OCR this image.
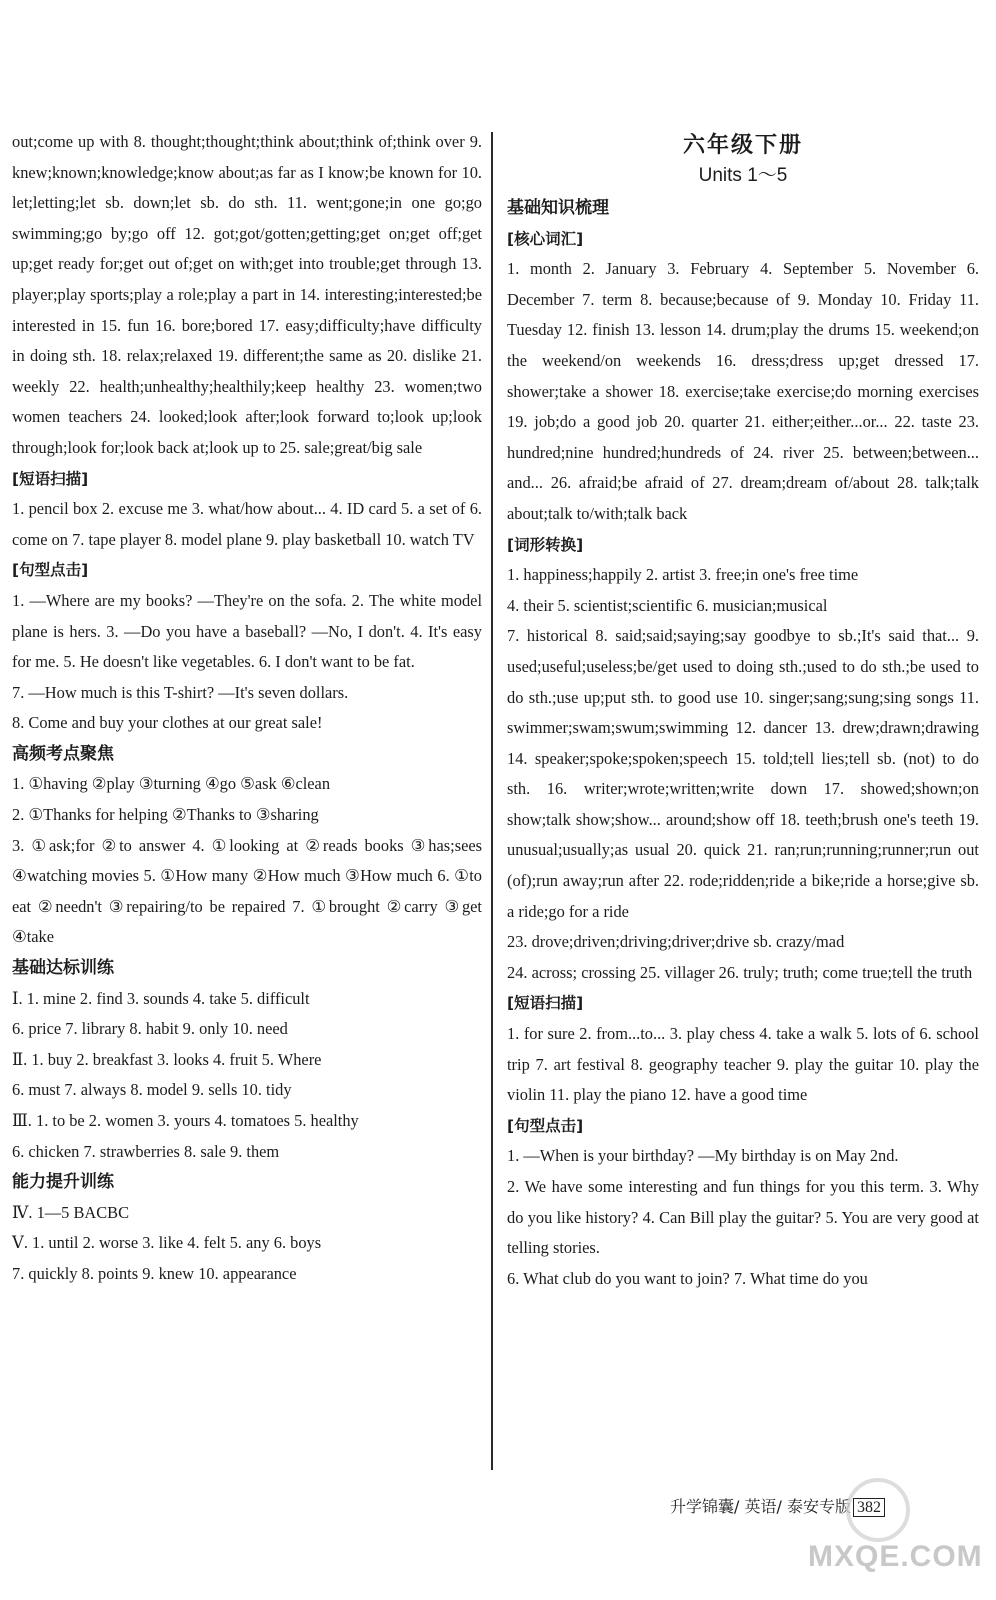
out;come up with 8. thought;thought;think about;think of;think over 9. knew;known;knowledge;know about;as far as I know;be known for 10. let;letting;let sb. down;let sb. do sth. 11. went;gone;in one go;go swimming;go by;go off 12. got;got/gotten;getting;get on;get off;get up;get ready for;get out of;get on with;get into trouble;get through 13. player;play sports;play a role;play a part in 14. interesting;interested;be interested in 15. fun 16. bore;bored 17. easy;difficulty;have difficulty in doing sth. 18. relax;relaxed 19. different;the same as 20. dislike 21. weekly 22. health;unhealthy;healthily;keep healthy 23. women;two women teachers 24. looked;look after;look forward to;look up;look through;look for;look back at;look up to 25. sale;great/big sale

[短语扫描]

1. pencil box 2. excuse me 3. what/how about... 4. ID card 5. a set of 6. come on 7. tape player 8. model plane 9. play basketball 10. watch TV

[句型点击]

1. —Where are my books? —They're on the sofa. 2. The white model plane is hers. 3. —Do you have a baseball? —No, I don't. 4. It's easy for me. 5. He doesn't like vegetables. 6. I don't want to be fat.

7. —How much is this T-shirt? —It's seven dollars.

8. Come and buy your clothes at our great sale!

高频考点聚焦

1. ①having ②play ③turning ④go ⑤ask ⑥clean

2. ①Thanks for helping ②Thanks to ③sharing

3. ①ask;for ②to answer 4. ①looking at ②reads books ③has;sees ④watching movies 5. ①How many ②How much ③How much 6. ①to eat ②needn't ③repairing/to be repaired 7. ①brought ②carry ③get ④take

基础达标训练

Ⅰ. 1. mine 2. find 3. sounds 4. take 5. difficult

6. price 7. library 8. habit 9. only 10. need

Ⅱ. 1. buy 2. breakfast 3. looks 4. fruit 5. Where

6. must 7. always 8. model 9. sells 10. tidy

Ⅲ. 1. to be 2. women 3. yours 4. tomatoes 5. healthy

6. chicken 7. strawberries 8. sale 9. them

能力提升训练

Ⅳ. 1—5 BACBC

Ⅴ. 1. until 2. worse 3. like 4. felt 5. any 6. boys

7. quickly 8. points 9. knew 10. appearance

六年级下册

Units 1～5

基础知识梳理

[核心词汇]

1. month 2. January 3. February 4. September 5. November 6. December 7. term 8. because;because of 9. Monday 10. Friday 11. Tuesday 12. finish 13. lesson 14. drum;play the drums 15. weekend;on the weekend/on weekends 16. dress;dress up;get dressed 17. shower;take a shower 18. exercise;take exercise;do morning exercises 19. job;do a good job 20. quarter 21. either;either...or... 22. taste 23. hundred;nine hundred;hundreds of 24. river 25. between;between... and... 26. afraid;be afraid of 27. dream;dream of/about 28. talk;talk about;talk to/with;talk back

[词形转换]

1. happiness;happily 2. artist 3. free;in one's free time

4. their 5. scientist;scientific 6. musician;musical

7. historical 8. said;said;saying;say goodbye to sb.;It's said that... 9. used;useful;useless;be/get used to doing sth.;used to do sth.;be used to do sth.;use up;put sth. to good use 10. singer;sang;sung;sing songs 11. swimmer;swam;swum;swimming 12. dancer 13. drew;drawn;drawing 14. speaker;spoke;spoken;speech 15. told;tell lies;tell sb. (not) to do sth. 16. writer;wrote;written;write down 17. showed;shown;on show;talk show;show... around;show off 18. teeth;brush one's teeth 19. unusual;usually;as usual 20. quick 21. ran;run;running;runner;run out (of);run away;run after 22. rode;ridden;ride a bike;ride a horse;give sb. a ride;go for a ride

23. drove;driven;driving;driver;drive sb. crazy/mad

24. across; crossing 25. villager 26. truly; truth; come true;tell the truth

[短语扫描]

1. for sure 2. from...to... 3. play chess 4. take a walk 5. lots of 6. school trip 7. art festival 8. geography teacher 9. play the guitar 10. play the violin 11. play the piano 12. have a good time

[句型点击]

1. —When is your birthday? —My birthday is on May 2nd.

2. We have some interesting and fun things for you this term. 3. Why do you like history? 4. Can Bill play the guitar? 5. You are very good at telling stories.

6. What club do you want to join? 7. What time do you

升学锦囊/ 英语/ 泰安专版 382
MXQE.COM
